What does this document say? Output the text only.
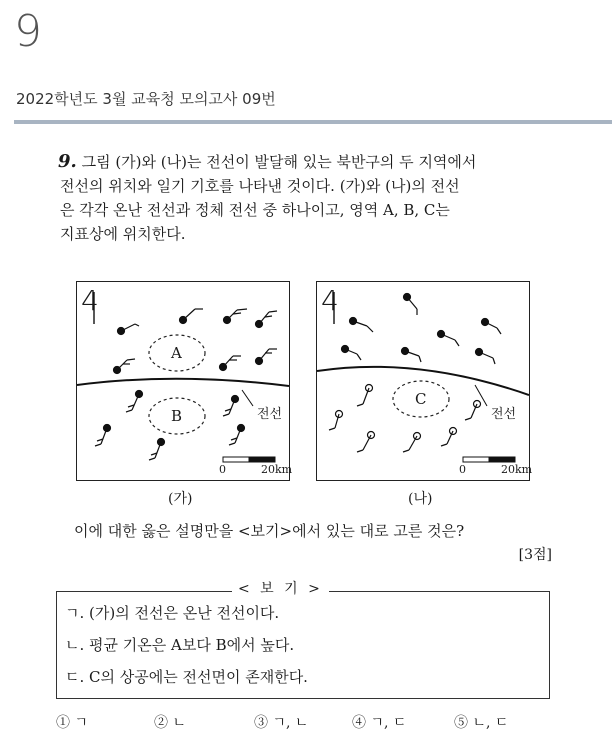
9
2022학년도 3월 교육청 모의고사 09번
9. 그림 (가)와 (나)는 전선이 발달해 있는 북반구의 두 지역에서
전선의 위치와 일기 기호를 나타낸 것이다. (가)와 (나)의 전선
은 각각 온난 전선과 정체 전선 중 하나이고, 영역 A, B, C는
지표상에 위치한다.
4
A
B	전선
0	20km
(가)
4
C
전선
0	20km
(나)
이에 대한 옳은 설명만을 <보기>에서 있는 대로 고른 것은?
[3점]
ㄱ. (가)의 전선은 온난 전선이다.
ㄴ. 평균 기온은 A보다 B에서 높다.
ㄷ. C의 상공에는 전선면이 존재한다.
< 보 기 >
① ㄱ	② ㄴ	③ ㄱ, ㄴ	④ ㄱ, ㄷ	⑤ ㄴ, ㄷ
